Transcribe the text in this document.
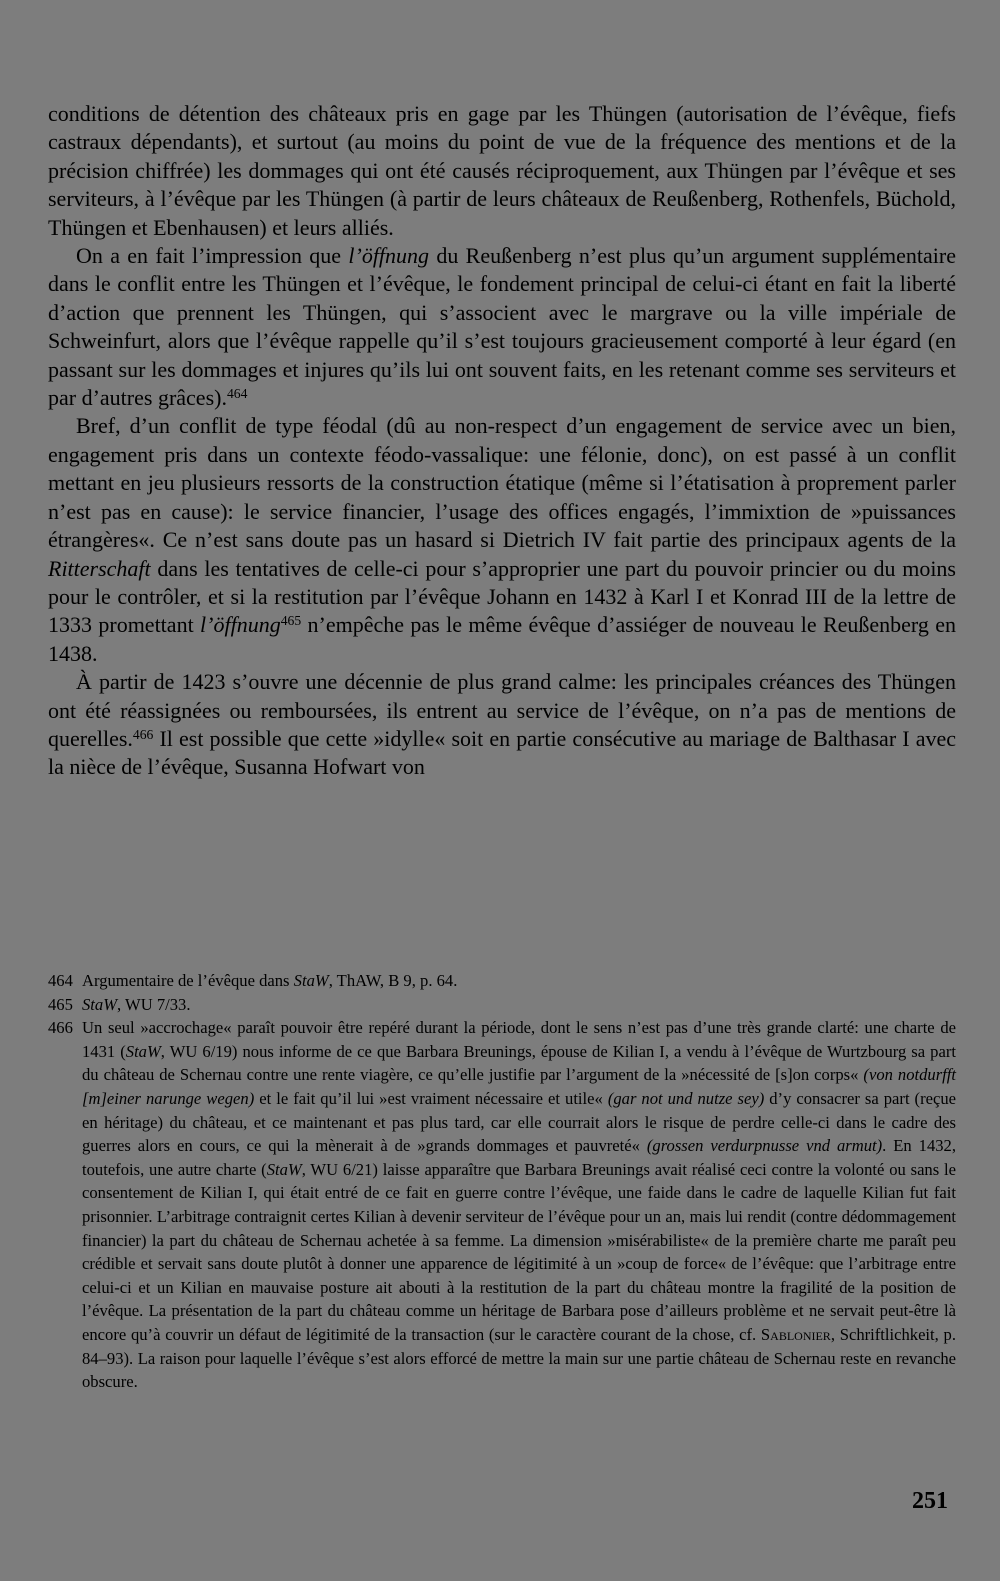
conditions de détention des châteaux pris en gage par les Thüngen (autorisation de l’évêque, fiefs castraux dépendants), et surtout (au moins du point de vue de la fréquence des mentions et de la précision chiffrée) les dommages qui ont été causés réciproquement, aux Thüngen par l’évêque et ses serviteurs, à l’évêque par les Thüngen (à partir de leurs châteaux de Reußenberg, Rothenfels, Büchold, Thüngen et Ebenhausen) et leurs alliés.

On a en fait l’impression que l’öffnung du Reußenberg n’est plus qu’un argument supplémentaire dans le conflit entre les Thüngen et l’évêque, le fondement principal de celui-ci étant en fait la liberté d’action que prennent les Thüngen, qui s’associent avec le margrave ou la ville impériale de Schweinfurt, alors que l’évêque rappelle qu’il s’est toujours gracieusement comporté à leur égard (en passant sur les dommages et injures qu’ils lui ont souvent faits, en les retenant comme ses serviteurs et par d’autres grâces).$^{464}$

Bref, d’un conflit de type féodal (dû au non-respect d’un engagement de service avec un bien, engagement pris dans un contexte féodo-vassalique: une félonie, donc), on est passé à un conflit mettant en jeu plusieurs ressorts de la construction étatique (même si l’étatisation à proprement parler n’est pas en cause): le service financier, l’usage des offices engagés, l’immixtion de »puissances étrangères«. Ce n’est sans doute pas un hasard si Dietrich IV fait partie des principaux agents de la Ritterschaft dans les tentatives de celle-ci pour s’approprier une part du pouvoir princier ou du moins pour le contrôler, et si la restitution par l’évêque Johann en 1432 à Karl I et Konrad III de la lettre de 1333 promettant l’öffnung$^{465}$ n’empêche pas le même évêque d’assiéger de nouveau le Reußenberg en 1438.

À partir de 1423 s’ouvre une décennie de plus grand calme: les principales créances des Thüngen ont été réassignées ou remboursées, ils entrent au service de l’évêque, on n’a pas de mentions de querelles.$^{466}$ Il est possible que cette »idylle« soit en partie consécutive au mariage de Balthasar I avec la nièce de l’évêque, Susanna Hofwart von

464 Argumentaire de l’évêque dans StaW, ThAW, B 9, p. 64.
465 StaW, WU 7/33.
466 Un seul »accrochage« paraît pouvoir être repéré durant la période, dont le sens n’est pas d’une très grande clarté: une charte de 1431 (StaW, WU 6/19) nous informe de ce que Barbara Breunings, épouse de Kilian I, a vendu à l’évêque de Wurtzbourg sa part du château de Schernau contre une rente viagère, ce qu’elle justifie par l’argument de la »nécessité de [s]on corps« (von notdurfft [m]einer narunge wegen) et le fait qu’il lui »est vraiment nécessaire et utile« (gar not und nutze sey) d’y consacrer sa part (reçue en héritage) du château, et ce maintenant et pas plus tard, car elle courrait alors le risque de perdre celle-ci dans le cadre des guerres alors en cours, ce qui la mènerait à de »grands dommages et pauvreté« (grossen verdurpnusse vnd armut). En 1432, toutefois, une autre charte (StaW, WU 6/21) laisse apparaître que Barbara Breunings avait réalisé ceci contre la volonté ou sans le consentement de Kilian I, qui était entré de ce fait en guerre contre l’évêque, une faide dans le cadre de laquelle Kilian fut fait prisonnier. L’arbitrage contraignit certes Kilian à devenir serviteur de l’évêque pour un an, mais lui rendit (contre dédommagement financier) la part du château de Schernau achetée à sa femme. La dimension »misérabiliste« de la première charte me paraît peu crédible et servait sans doute plutôt à donner une apparence de légitimité à un »coup de force« de l’évêque: que l’arbitrage entre celui-ci et un Kilian en mauvaise posture ait abouti à la restitution de la part du château montre la fragilité de la position de l’évêque. La présentation de la part du château comme un héritage de Barbara pose d’ailleurs problème et ne servait peut-être là encore qu’à couvrir un défaut de légitimité de la transaction (sur le caractère courant de la chose, cf. Sablonier, Schriftlichkeit, p. 84–93). La raison pour laquelle l’évêque s’est alors efforcé de mettre la main sur une partie château de Schernau reste en revanche obscure.
251
